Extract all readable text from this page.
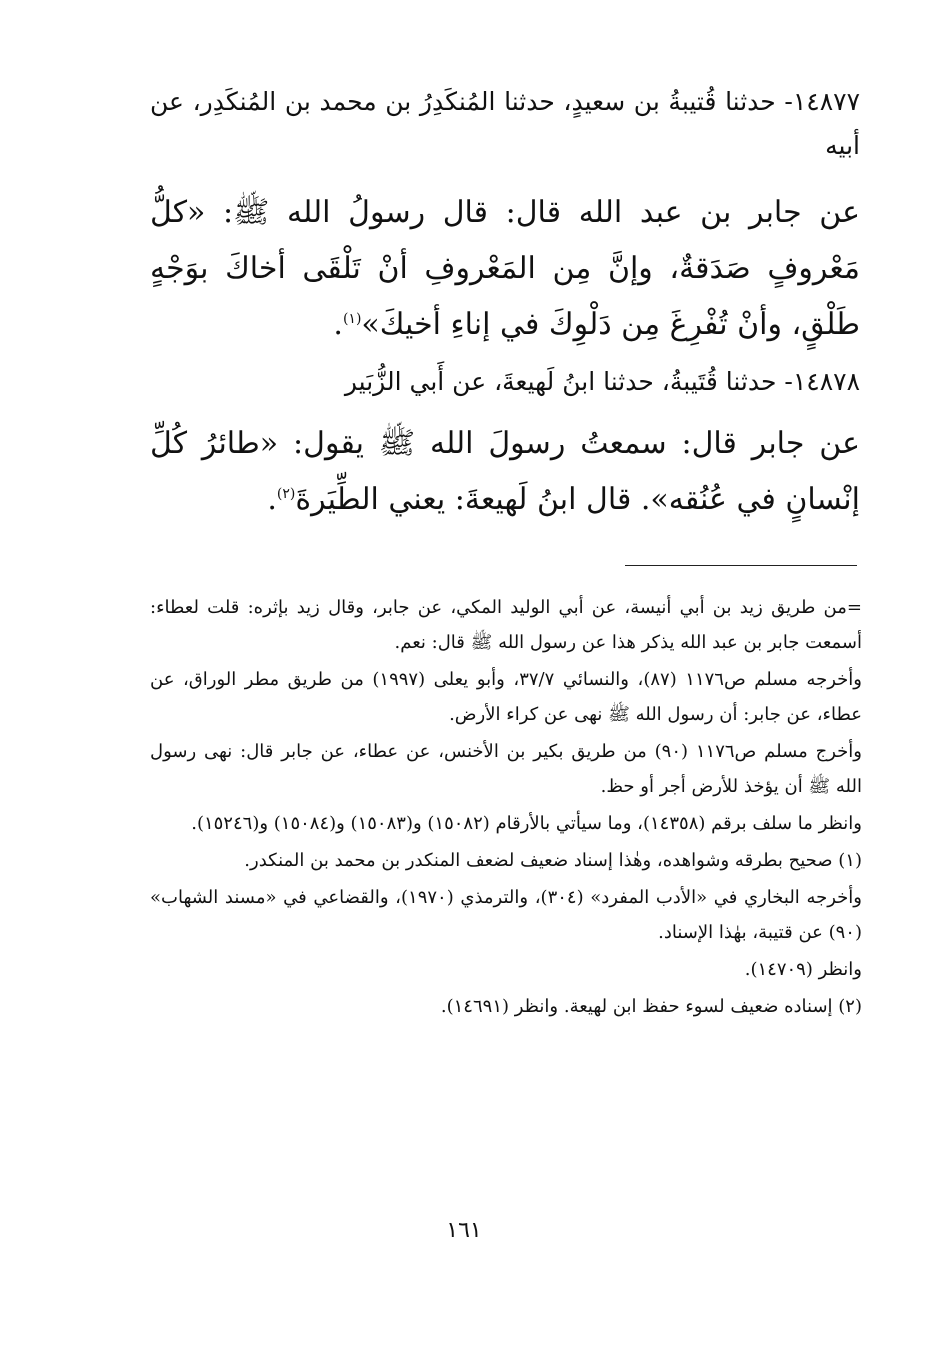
١٤٨٧٧- حدثنا قُتيبةُ بن سعيدٍ، حدثنا المُنكَدِرُ بن محمد بن المُنكَدِر، عن أبيه

عن جابر بن عبد الله قال: قال رسولُ الله ﷺ: «كلُّ مَعْروفٍ صَدَقةٌ، وإنَّ مِن المَعْروفِ أنْ تَلْقَى أخاكَ بوَجْهٍ طَلْقٍ، وأنْ تُفْرِغَ مِن دَلْوِكَ في إناءِ أخيكَ»$^{(١)}$.

١٤٨٧٨- حدثنا قُتَيبةُ، حدثنا ابنُ لَهيعةَ، عن أَبي الزُّبَير

عن جابر قال: سمعتُ رسولَ الله ﷺ يقول: «طائرُ كُلِّ إنْسانٍ في عُنُقه». قال ابنُ لَهيعةَ: يعني الطِّيَرةَ$^{(٢)}$.

=من طريق زيد بن أبي أنيسة، عن أبي الوليد المكي، عن جابر، وقال زيد بإثره: قلت لعطاء: أسمعت جابر بن عبد الله يذكر هذا عن رسول الله ﷺ قال: نعم.

وأخرجه مسلم ص١١٧٦ (٨٧)، والنسائي ٣٧/٧، وأبو يعلى (١٩٩٧) من طريق مطر الوراق، عن عطاء، عن جابر: أن رسول الله ﷺ نهى عن كراء الأرض.

وأخرج مسلم ص١١٧٦ (٩٠) من طريق بكير بن الأخنس، عن عطاء، عن جابر قال: نهى رسول الله ﷺ أن يؤخذ للأرض أجر أو حظ.

وانظر ما سلف برقم (١٤٣٥٨)، وما سيأتي بالأرقام (١٥٠٨٢) و(١٥٠٨٣) و(١٥٠٨٤) و(١٥٢٤٦).

(١) صحيح بطرقه وشواهده، وهٰذا إسناد ضعيف لضعف المنكدر بن محمد بن المنكدر.

وأخرجه البخاري في «الأدب المفرد» (٣٠٤)، والترمذي (١٩٧٠)، والقضاعي في «مسند الشهاب» (٩٠) عن قتيبة، بهٰذا الإسناد.

وانظر (١٤٧٠٩).

(٢) إسناده ضعيف لسوء حفظ ابن لهيعة. وانظر (١٤٦٩١).

١٦١
